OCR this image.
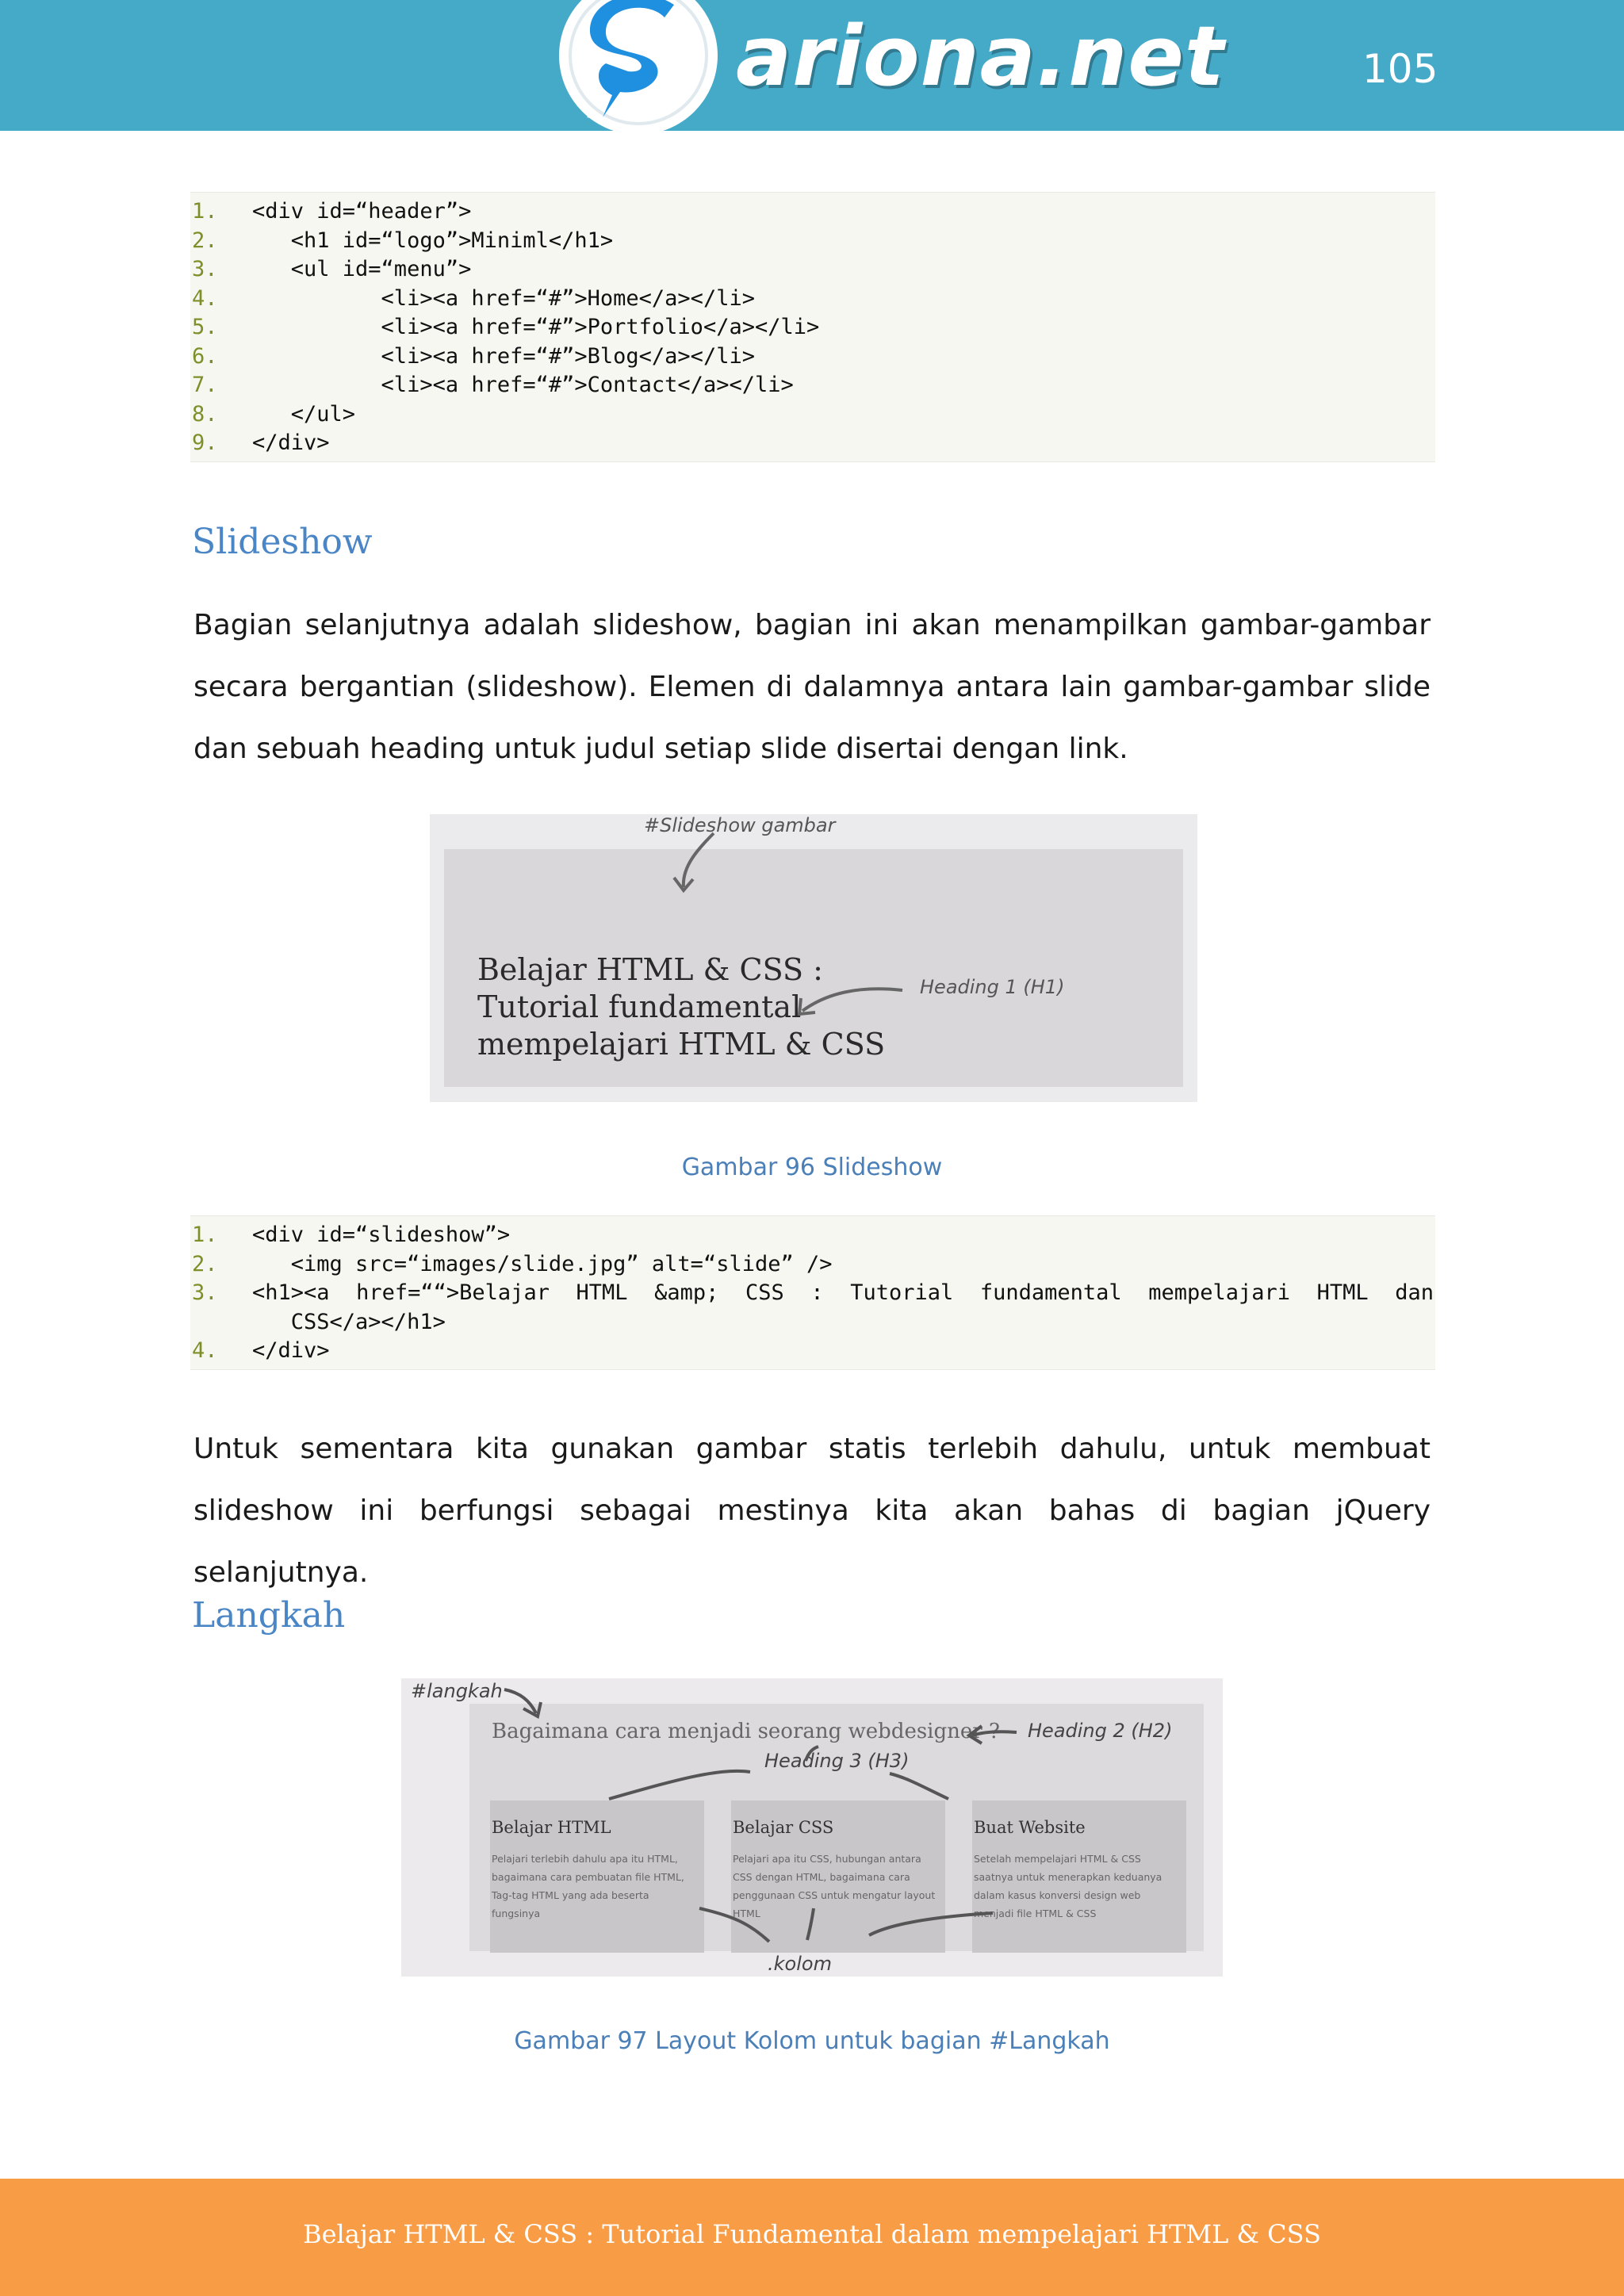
ariona.net	105
1. <div id=“header”>
2. <h1 id=“logo”>Miniml</h1>
3. <ul id=“menu”>
4. <li><a href=“#”>Home</a></li>
5. <li><a href=“#”>Portfolio</a></li>
6. <li><a href=“#”>Blog</a></li>
7. <li><a href=“#”>Contact</a></li>
8. </ul>
9. </div>
Slideshow
Bagian selanjutnya adalah slideshow, bagian ini akan menampilkan gambar-gambar secara bergantian (slideshow). Elemen di dalamnya antara lain gambar-gambar slide dan sebuah heading untuk judul setiap slide disertai dengan link.
#Slideshow gambar
Heading 1 (H1)
Belajar HTML & CSS :
Tutorial fundamental
mempelajari HTML & CSS
Gambar 96 Slideshow
1. <div id=“slideshow”>
2. <img src=“images/slide.jpg” alt=“slide” />
3. <h1><a href=““>Belajar HTML &amp; CSS : Tutorial fundamental mempelajari HTML dan
CSS</a></h1>
4. </div>
Untuk sementara kita gunakan gambar statis terlebih dahulu, untuk membuat slideshow ini berfungsi sebagai mestinya kita akan bahas di bagian jQuery selanjutnya.
Langkah
Bagaimana cara menjadi seorang webdesigner ?
Belajar HTML
Pelajari terlebih dahulu apa itu HTML, bagaimana cara pembuatan file HTML, Tag-tag HTML yang ada beserta fungsinya
Belajar CSS
Pelajari apa itu CSS, hubungan antara CSS dengan HTML, bagaimana cara penggunaan CSS untuk mengatur layout HTML
Buat Website
Setelah mempelajari HTML & CSS saatnya untuk menerapkan keduanya dalam kasus konversi design web menjadi file HTML & CSS
#langkah
Heading 2 (H2)
Heading 3 (H3)
.kolom
Gambar 97 Layout Kolom untuk bagian #Langkah
Belajar HTML & CSS : Tutorial Fundamental dalam mempelajari HTML & CSS
